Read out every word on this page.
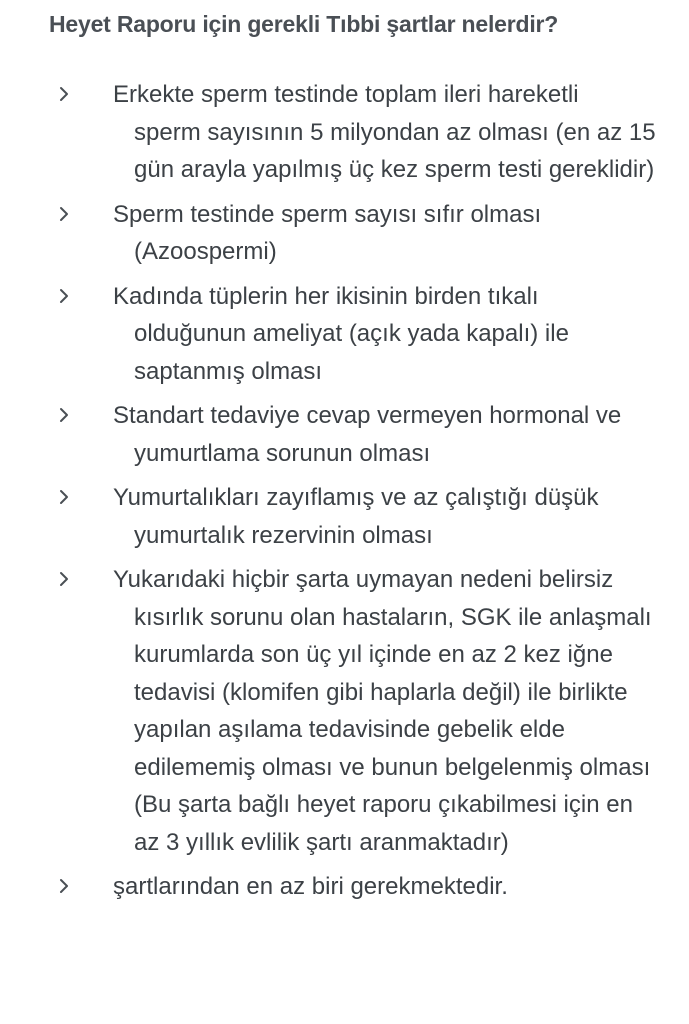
Heyet Raporu için gerekli Tıbbi şartlar nelerdir?
Erkekte sperm testinde toplam ileri hareketli
sperm sayısının 5 milyondan az olması (en az 15 gün arayla yapılmış üç kez sperm testi gereklidir)
Sperm testinde sperm sayısı sıfır olması
(Azoospermi)
Kadında tüplerin her ikisinin birden tıkalı
olduğunun ameliyat (açık yada kapalı) ile saptanmış olması
Standart tedaviye cevap vermeyen hormonal ve
yumurtlama sorunun olması
Yumurtalıkları zayıflamış ve az çalıştığı düşük
yumurtalık rezervinin olması
Yukarıdaki hiçbir şarta uymayan nedeni belirsiz
kısırlık sorunu olan hastaların, SGK ile anlaşmalı kurumlarda son üç yıl içinde en az 2 kez iğne tedavisi (klomifen gibi haplarla değil) ile birlikte yapılan aşılama tedavisinde gebelik elde edilememiş olması ve bunun belgelenmiş olması (Bu şarta bağlı heyet raporu çıkabilmesi için en az 3 yıllık evlilik şartı aranmaktadır)
şartlarından en az biri gerekmektedir.
